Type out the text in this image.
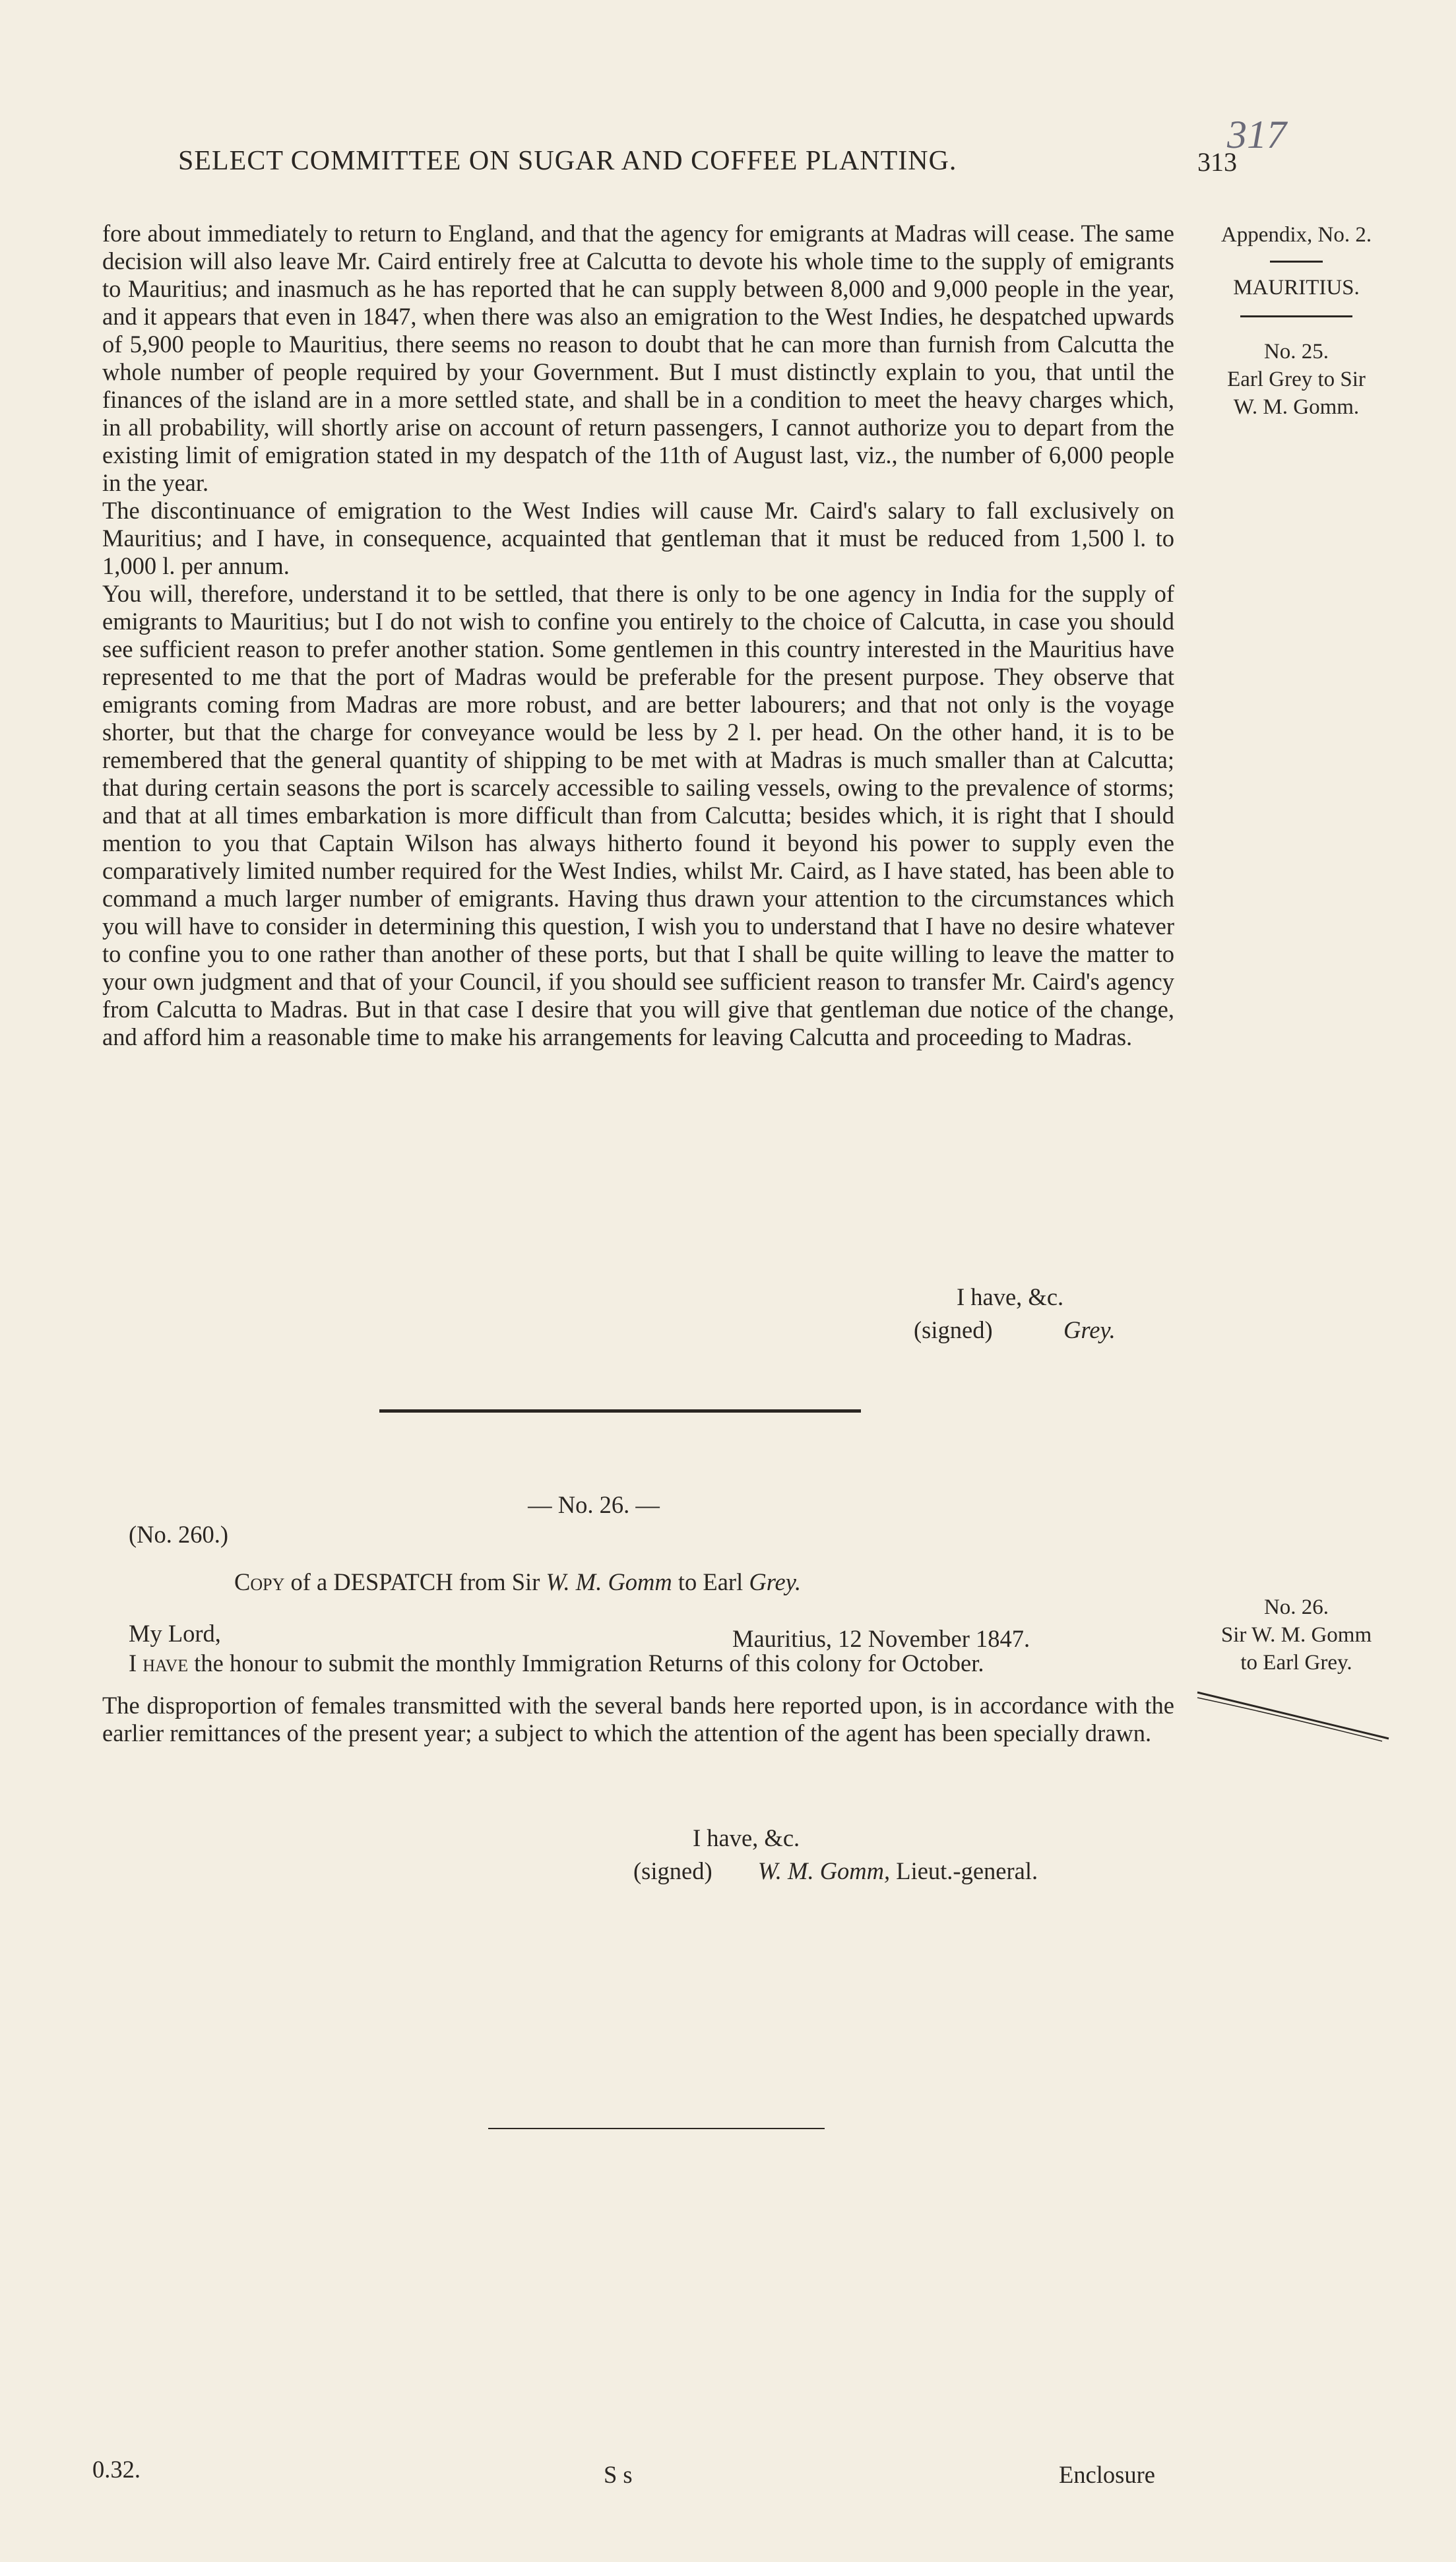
SELECT COMMITTEE ON SUGAR AND COFFEE PLANTING.	313
317
Appendix, No. 2.
MAURITIUS.
No. 25.
Earl Grey to Sir
W. M. Gomm.

fore about immediately to return to England, and that the agency for emigrants at Madras will cease. The same decision will also leave Mr. Caird entirely free at Calcutta to devote his whole time to the supply of emigrants to Mauritius; and inasmuch as he has reported that he can supply between 8,000 and 9,000 people in the year, and it appears that even in 1847, when there was also an emigration to the West Indies, he despatched upwards of 5,900 people to Mauritius, there seems no reason to doubt that he can more than furnish from Calcutta the whole number of people required by your Government. But I must distinctly explain to you, that until the finances of the island are in a more settled state, and shall be in a condition to meet the heavy charges which, in all probability, will shortly arise on account of return passengers, I cannot authorize you to depart from the existing limit of emigration stated in my despatch of the 11th of August last, viz., the number of 6,000 people in the year.

The discontinuance of emigration to the West Indies will cause Mr. Caird's salary to fall exclusively on Mauritius; and I have, in consequence, acquainted that gentleman that it must be reduced from 1,500 l. to 1,000 l. per annum.

You will, therefore, understand it to be settled, that there is only to be one agency in India for the supply of emigrants to Mauritius; but I do not wish to confine you entirely to the choice of Calcutta, in case you should see sufficient reason to prefer another station. Some gentlemen in this country interested in the Mauritius have represented to me that the port of Madras would be preferable for the present purpose. They observe that emigrants coming from Madras are more robust, and are better labourers; and that not only is the voyage shorter, but that the charge for conveyance would be less by 2 l. per head. On the other hand, it is to be remembered that the general quantity of shipping to be met with at Madras is much smaller than at Calcutta; that during certain seasons the port is scarcely accessible to sailing vessels, owing to the prevalence of storms; and that at all times embarkation is more difficult than from Calcutta; besides which, it is right that I should mention to you that Captain Wilson has always hitherto found it beyond his power to supply even the comparatively limited number required for the West Indies, whilst Mr. Caird, as I have stated, has been able to command a much larger number of emigrants. Having thus drawn your attention to the circumstances which you will have to consider in determining this question, I wish you to understand that I have no desire whatever to confine you to one rather than another of these ports, but that I shall be quite willing to leave the matter to your own judgment and that of your Council, if you should see sufficient reason to transfer Mr. Caird's agency from Calcutta to Madras. But in that case I desire that you will give that gentleman due notice of the change, and afford him a reasonable time to make his arrangements for leaving Calcutta and proceeding to Madras.

I have, &c.
(signed)	Grey.
— No. 26. —
(No. 260.)
Copy of a DESPATCH from Sir W. M. Gomm to Earl Grey.
No. 26.
Sir W. M. Gomm
to Earl Grey.
My Lord,	Mauritius, 12 November 1847.

I have the honour to submit the monthly Immigration Returns of this colony for October.

The disproportion of females transmitted with the several bands here reported upon, is in accordance with the earlier remittances of the present year; a subject to which the attention of the agent has been specially drawn.

I have, &c.
(signed) W. M. Gomm, Lieut.-general.
0.32.	S s	Enclosure
